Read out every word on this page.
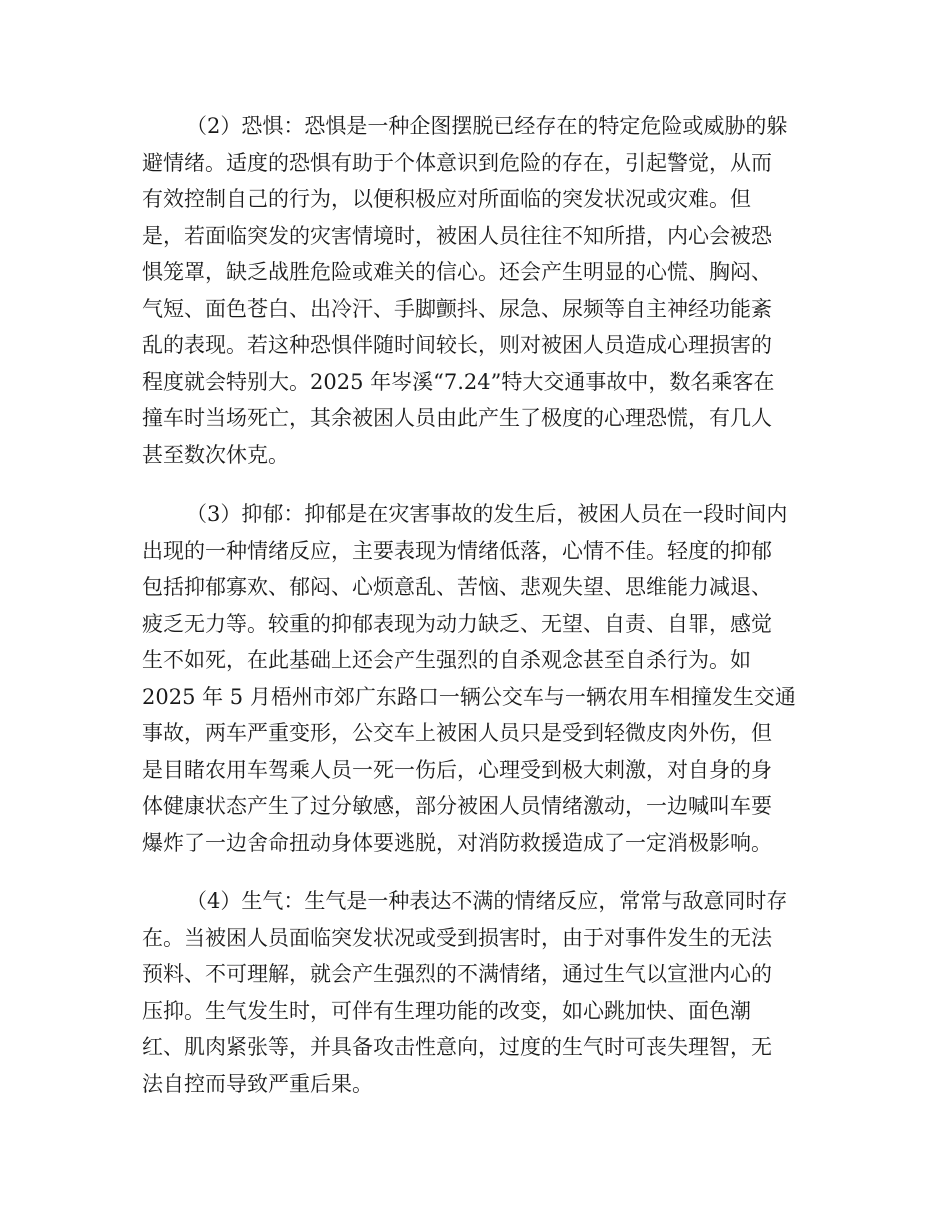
（2）恐惧：恐惧是一种企图摆脱已经存在的特定危险或威胁的躲
避情绪。适度的恐惧有助于个体意识到危险的存在，引起警觉，从而
有效控制自己的行为，以便积极应对所面临的突发状况或灾难。但
是，若面临突发的灾害情境时，被困人员往往不知所措，内心会被恐
惧笼罩，缺乏战胜危险或难关的信心。还会产生明显的心慌、胸闷、
气短、面色苍白、出冷汗、手脚颤抖、尿急、尿频等自主神经功能紊
乱的表现。若这种恐惧伴随时间较长，则对被困人员造成心理损害的
程度就会特别大。2025 年岑溪“7.24”特大交通事故中，数名乘客在
撞车时当场死亡，其余被困人员由此产生了极度的心理恐慌，有几人
甚至数次休克。
（3）抑郁：抑郁是在灾害事故的发生后，被困人员在一段时间内
出现的一种情绪反应，主要表现为情绪低落，心情不佳。轻度的抑郁
包括抑郁寡欢、郁闷、心烦意乱、苦恼、悲观失望、思维能力减退、
疲乏无力等。较重的抑郁表现为动力缺乏、无望、自责、自罪，感觉
生不如死，在此基础上还会产生强烈的自杀观念甚至自杀行为。如
2025 年 5 月梧州市郊广东路口一辆公交车与一辆农用车相撞发生交通
事故，两车严重变形，公交车上被困人员只是受到轻微皮肉外伤，但
是目睹农用车驾乘人员一死一伤后，心理受到极大刺激，对自身的身
体健康状态产生了过分敏感，部分被困人员情绪激动，一边喊叫车要
爆炸了一边舍命扭动身体要逃脱，对消防救援造成了一定消极影响。
（4）生气：生气是一种表达不满的情绪反应，常常与敌意同时存
在。当被困人员面临突发状况或受到损害时，由于对事件发生的无法
预料、不可理解，就会产生强烈的不满情绪，通过生气以宣泄内心的
压抑。生气发生时，可伴有生理功能的改变，如心跳加快、面色潮
红、肌肉紧张等，并具备攻击性意向，过度的生气时可丧失理智，无
法自控而导致严重后果。
